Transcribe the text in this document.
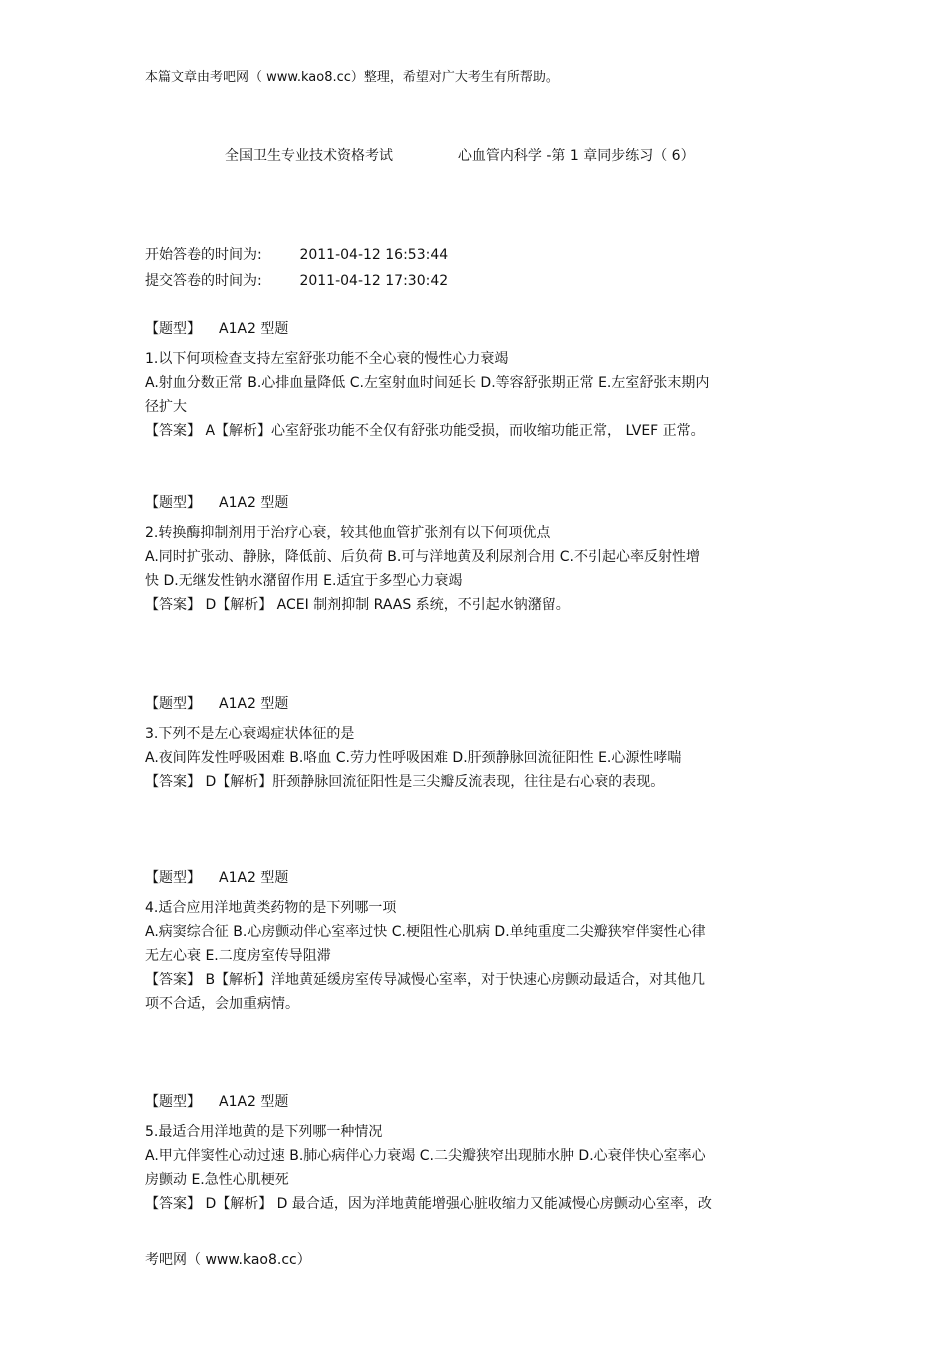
本篇文章由考吧网（ www.kao8.cc）整理，希望对广大考生有所帮助。
全国卫生专业技术资格考试	心血管内科学 -第 1 章同步练习（ 6）
开始答卷的时间为:	2011-04-12 16:53:44
提交答卷的时间为:	2011-04-12 17:30:42
【题型】 A1A2 型题
1.以下何项检查支持左室舒张功能不全心衰的慢性心力衰竭
A.射血分数正常 B.心排血量降低 C.左室射血时间延长 D.等容舒张期正常 E.左室舒张末期内
径扩大
【答案】 A【解析】心室舒张功能不全仅有舒张功能受损，而收缩功能正常， LVEF 正常。
【题型】 A1A2 型题
2.转换酶抑制剂用于治疗心衰，较其他血管扩张剂有以下何项优点
A.同时扩张动、静脉，降低前、后负荷 B.可与洋地黄及利尿剂合用 C.不引起心率反射性增
快 D.无继发性钠水潴留作用 E.适宜于多型心力衰竭
【答案】 D【解析】 ACEI 制剂抑制 RAAS 系统，不引起水钠潴留。
【题型】 A1A2 型题
3.下列不是左心衰竭症状体征的是
A.夜间阵发性呼吸困难 B.咯血 C.劳力性呼吸困难 D.肝颈静脉回流征阳性 E.心源性哮喘
【答案】 D【解析】肝颈静脉回流征阳性是三尖瓣反流表现，往往是右心衰的表现。
【题型】 A1A2 型题
4.适合应用洋地黄类药物的是下列哪一项
A.病窦综合征 B.心房颤动伴心室率过快 C.梗阻性心肌病 D.单纯重度二尖瓣狭窄伴窦性心律
无左心衰 E.二度房室传导阻滞
【答案】 B【解析】洋地黄延缓房室传导减慢心室率，对于快速心房颤动最适合，对其他几
项不合适，会加重病情。
【题型】 A1A2 型题
5.最适合用洋地黄的是下列哪一种情况
A.甲亢伴窦性心动过速 B.肺心病伴心力衰竭 C.二尖瓣狭窄出现肺水肿 D.心衰伴快心室率心
房颤动 E.急性心肌梗死
【答案】 D【解析】 D 最合适，因为洋地黄能增强心脏收缩力又能减慢心房颤动心室率，改
考吧网（ www.kao8.cc）
